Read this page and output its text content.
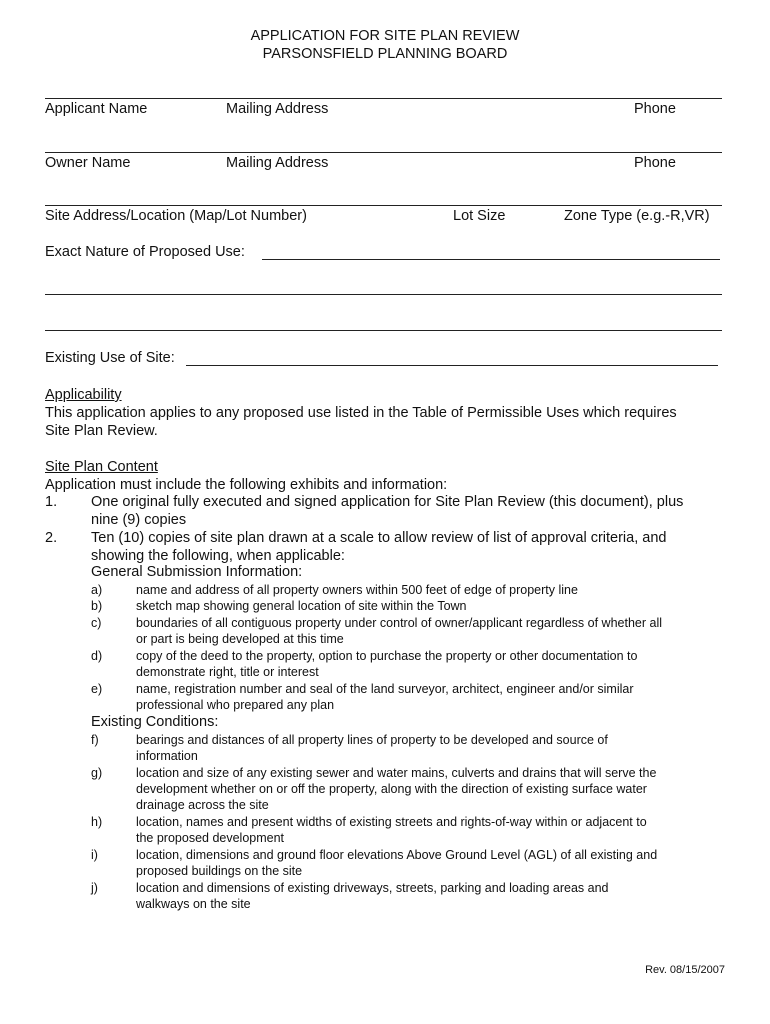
APPLICATION FOR SITE PLAN REVIEW
PARSONSFIELD PLANNING BOARD
Applicant Name	Mailing Address	Phone
Owner Name	Mailing Address	Phone
Site Address/Location (Map/Lot Number)	Lot Size	Zone Type (e.g.-R,VR)
Exact Nature of Proposed Use:
Existing Use of Site:
Applicability
This application applies to any proposed use listed in the Table of Permissible Uses which requires
Site Plan Review.
Site Plan Content
Application must include the following exhibits and information:
1. One original fully executed and signed application for Site Plan Review (this document), plus
nine (9) copies
2. Ten (10) copies of site plan drawn at a scale to allow review of list of approval criteria, and
showing the following, when applicable:
General Submission Information:
a)	name and address of all property owners within 500 feet of edge of property line
b)	sketch map showing general location of site within the Town
c)	boundaries of all contiguous property under control of owner/applicant regardless of whether all
or part is being developed at this time
d)	copy of the deed to the property, option to purchase the property or other documentation to
demonstrate right, title or interest
e)	name, registration number and seal of the land surveyor, architect, engineer and/or similar
professional who prepared any plan
Existing Conditions:
f)	bearings and distances of all property lines of property to be developed and source of
information
g)	location and size of any existing sewer and water mains, culverts and drains that will serve the
development whether on or off the property, along with the direction of existing surface water
drainage across the site
h)	location, names and present widths of existing streets and rights-of-way within or adjacent to
the proposed development
i)	location, dimensions and ground floor elevations Above Ground Level (AGL) of all existing and
proposed buildings on the site
j)	location and dimensions of existing driveways, streets, parking and loading areas and
walkways on the site
Rev. 08/15/2007
